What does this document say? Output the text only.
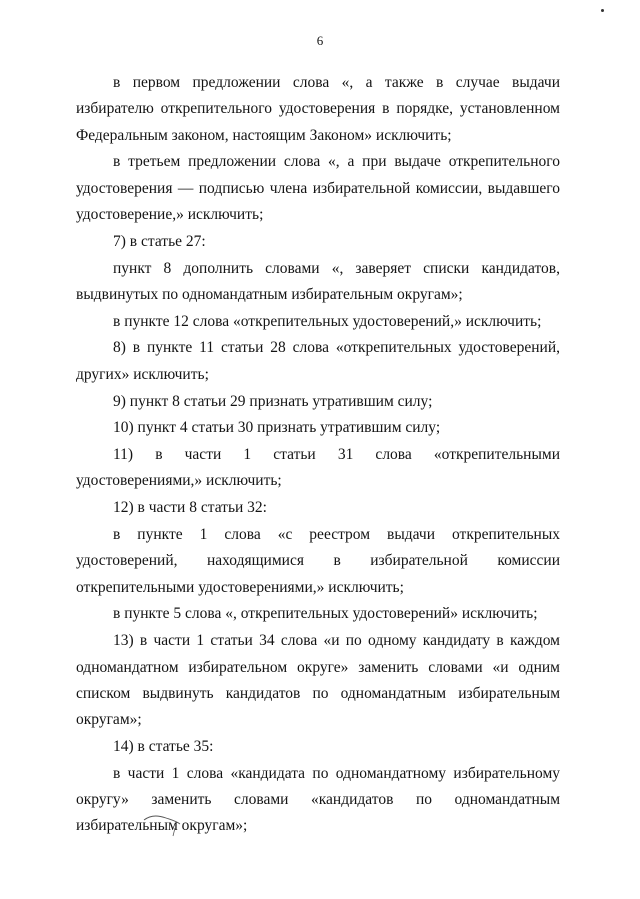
6

в первом предложении слова «, а также в случае выдачи избирателю открепительного удостоверения в порядке, установленном Федеральным законом, настоящим Законом» исключить;

в третьем предложении слова «, а при выдаче открепительного удостоверения — подписью члена избирательной комиссии, выдавшего удостоверение,» исключить;

7) в статье 27:

пункт 8 дополнить словами «, заверяет списки кандидатов, выдвинутых по одномандатным избирательным округам»;

в пункте 12 слова «открепительных удостоверений,» исключить;

8) в пункте 11 статьи 28 слова «открепительных удостоверений, других» исключить;

9) пункт 8 статьи 29 признать утратившим силу;

10) пункт 4 статьи 30 признать утратившим силу;

11) в части 1 статьи 31 слова «открепительными удостоверениями,» исключить;

12) в части 8 статьи 32:

в пункте 1 слова «с реестром выдачи открепительных удостоверений, находящимися в избирательной комиссии открепительными удостоверениями,» исключить;

в пункте 5 слова «, открепительных удостоверений» исключить;

13) в части 1 статьи 34 слова «и по одному кандидату в каждом одномандатном избирательном округе» заменить словами «и одним списком выдвинуть кандидатов по одномандатным избирательным округам»;

14) в статье 35:

в части 1 слова «кандидата по одномандатному избирательному округу» заменить словами «кандидатов по одномандатным избирательным округам»;
